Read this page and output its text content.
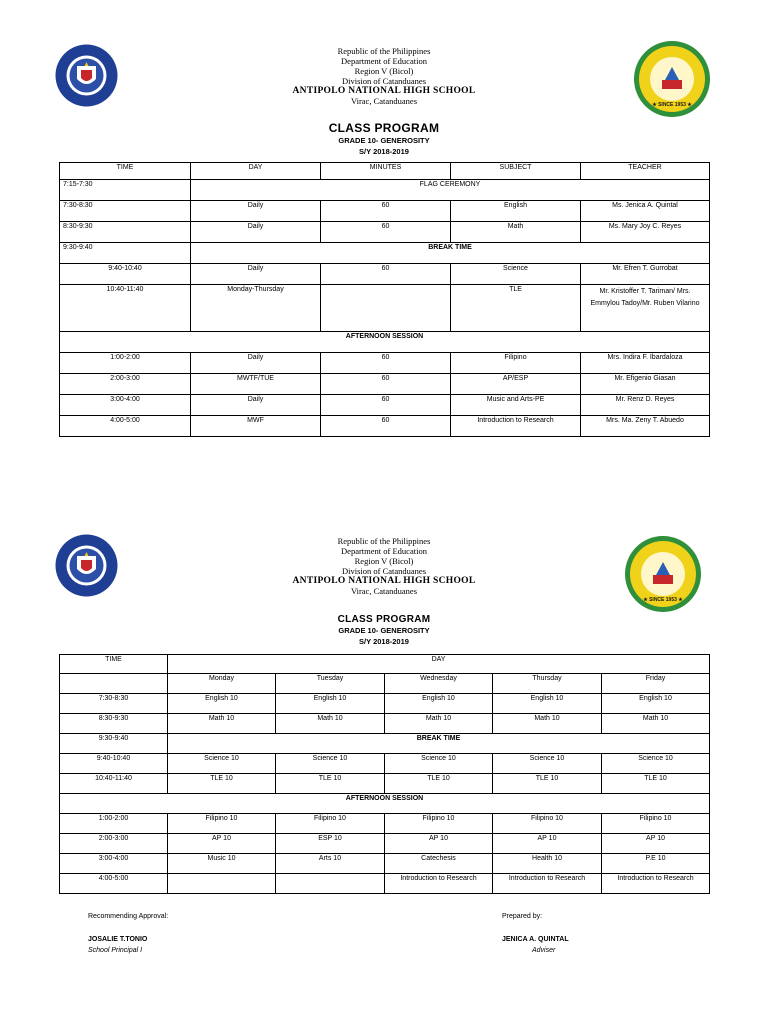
★ SINCE 1953 ★
Republic of the Philippines
Department of Education
Region V (Bicol)
Division of Catanduanes
ANTIPOLO NATIONAL HIGH SCHOOL
Virac, Catanduanes
CLASS PROGRAM
GRADE 10- GENEROSITY
S/Y 2018-2019
TIME	DAY	MINUTES	SUBJECT	TEACHER
7:15-7:30	FLAG CEREMONY			
7:30-8:30	Daily	60	English	Ms. Jenica A. Quintal
8:30-9:30	Daily	60	Math	Ms. Mary Joy C. Reyes
9:30-9:40	BREAK TIME			
9:40-10:40	Daily	60	Science	Mr. Efren T. Gurrobat
10:40-11:40	Monday-Thursday		TLE	Mr. Kristoffer T. Tariman/ Mrs. Emmylou Tadoy/Mr. Ruben Vilarino
AFTERNOON SESSION				
1:00-2:00	Daily	60	Filipino	Mrs. Indira F. Ibardaloza
2:00-3:00	MWTF/TUE	60	AP/ESP	Mr. Efigenio Giasan
3:00-4:00	Daily	60	Music and Arts-PE	Mr. Renz D. Reyes
4:00-5:00	MWF	60	Introduction to Research	Mrs. Ma. Zeny T. Abuedo
★ SINCE 1953 ★
Republic of the Philippines
Department of Education
Region V (Bicol)
Division of Catanduanes
ANTIPOLO NATIONAL HIGH SCHOOL
Virac, Catanduanes
CLASS PROGRAM
GRADE 10- GENEROSITY
S/Y 2018-2019
TIME	DAY				
	Monday	Tuesday	Wednesday	Thursday	Friday
7:30-8:30	English 10	English 10	English 10	English 10	English 10
8:30-9:30	Math 10	Math 10	Math 10	Math 10	Math 10
9:30-9:40	BREAK TIME				
9:40-10:40	Science 10	Science 10	Science 10	Science 10	Science 10
10:40-11:40	TLE 10	TLE 10	TLE 10	TLE 10	TLE 10
AFTERNOON SESSION					
1:00-2:00	Filipino 10	Filipino 10	Filipino 10	Filipino 10	Filipino 10
2:00-3:00	AP 10	ESP 10	AP 10	AP 10	AP 10
3:00-4:00	Music 10	Arts 10	Catechesis	Health 10	P.E 10
4:00-5:00			Introduction to Research	Introduction to Research	Introduction to Research
Recommending Approval:
JOSALIE T.TONIO
School Principal I
Prepared by:
JENICA A. QUINTAL
Adviser
